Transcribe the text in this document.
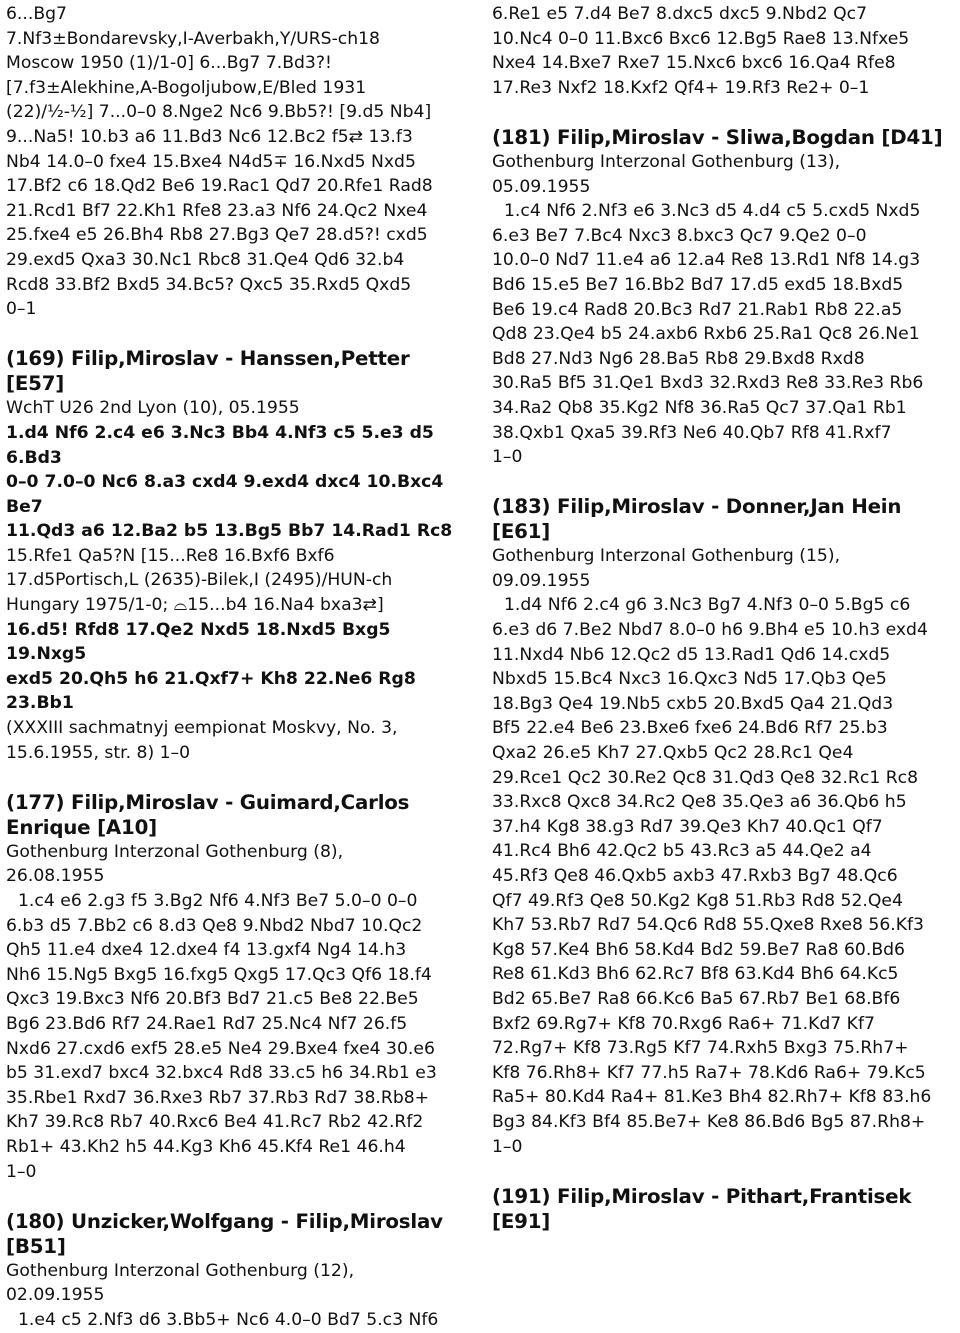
6...Bg7
7.Nf3±Bondarevsky,I-Averbakh,Y/URS-ch18
Moscow 1950 (1)/1-0] 6...Bg7 7.Bd3?!
[7.f3±Alekhine,A-Bogoljubow,E/Bled 1931
(22)/½-½] 7...0–0 8.Nge2 Nc6 9.Bb5?! [9.d5 Nb4]
9...Na5! 10.b3 a6 11.Bd3 Nc6 12.Bc2 f5⇄ 13.f3
Nb4 14.0–0 fxe4 15.Bxe4 N4d5∓ 16.Nxd5 Nxd5
17.Bf2 c6 18.Qd2 Be6 19.Rac1 Qd7 20.Rfe1 Rad8
21.Rcd1 Bf7 22.Kh1 Rfe8 23.a3 Nf6 24.Qc2 Nxe4
25.fxe4 e5 26.Bh4 Rb8 27.Bg3 Qe7 28.d5?! cxd5
29.exd5 Qxa3 30.Nc1 Rbc8 31.Qe4 Qd6 32.b4
Rcd8 33.Bf2 Bxd5 34.Bc5? Qxc5 35.Rxd5 Qxd5
0–1
(169) Filip,Miroslav - Hanssen,Petter [E57]
WchT U26 2nd Lyon (10), 05.1955
1.d4 Nf6 2.c4 e6 3.Nc3 Bb4 4.Nf3 c5 5.e3 d5 6.Bd3
0–0 7.0–0 Nc6 8.a3 cxd4 9.exd4 dxc4 10.Bxc4 Be7
11.Qd3 a6 12.Ba2 b5 13.Bg5 Bb7 14.Rad1 Rc8
15.Rfe1 Qa5?N [15...Re8 16.Bxf6 Bxf6
17.d5Portisch,L (2635)-Bilek,I (2495)/HUN-ch
Hungary 1975/1-0; ⌓15...b4 16.Na4 bxa3⇄]
16.d5! Rfd8 17.Qe2 Nxd5 18.Nxd5 Bxg5 19.Nxg5
exd5 20.Qh5 h6 21.Qxf7+ Kh8 22.Ne6 Rg8 23.Bb1
(XXXIII sachmatnyj eempionat Moskvy, No. 3,
15.6.1955, str. 8) 1–0
(177) Filip,Miroslav - Guimard,Carlos
Enrique [A10]
Gothenburg Interzonal Gothenburg (8),
26.08.1955
1.c4 e6 2.g3 f5 3.Bg2 Nf6 4.Nf3 Be7 5.0–0 0–0
6.b3 d5 7.Bb2 c6 8.d3 Qe8 9.Nbd2 Nbd7 10.Qc2
Qh5 11.e4 dxe4 12.dxe4 f4 13.gxf4 Ng4 14.h3
Nh6 15.Ng5 Bxg5 16.fxg5 Qxg5 17.Qc3 Qf6 18.f4
Qxc3 19.Bxc3 Nf6 20.Bf3 Bd7 21.c5 Be8 22.Be5
Bg6 23.Bd6 Rf7 24.Rae1 Rd7 25.Nc4 Nf7 26.f5
Nxd6 27.cxd6 exf5 28.e5 Ne4 29.Bxe4 fxe4 30.e6
b5 31.exd7 bxc4 32.bxc4 Rd8 33.c5 h6 34.Rb1 e3
35.Rbe1 Rxd7 36.Rxe3 Rb7 37.Rb3 Rd7 38.Rb8+
Kh7 39.Rc8 Rb7 40.Rxc6 Be4 41.Rc7 Rb2 42.Rf2
Rb1+ 43.Kh2 h5 44.Kg3 Kh6 45.Kf4 Re1 46.h4
1–0
(180) Unzicker,Wolfgang - Filip,Miroslav
[B51]
Gothenburg Interzonal Gothenburg (12),
02.09.1955
1.e4 c5 2.Nf3 d6 3.Bb5+ Nc6 4.0–0 Bd7 5.c3 Nf6
6.Re1 e5 7.d4 Be7 8.dxc5 dxc5 9.Nbd2 Qc7
10.Nc4 0–0 11.Bxc6 Bxc6 12.Bg5 Rae8 13.Nfxe5
Nxe4 14.Bxe7 Rxe7 15.Nxc6 bxc6 16.Qa4 Rfe8
17.Re3 Nxf2 18.Kxf2 Qf4+ 19.Rf3 Re2+ 0–1
(181) Filip,Miroslav - Sliwa,Bogdan [D41]
Gothenburg Interzonal Gothenburg (13),
05.09.1955
1.c4 Nf6 2.Nf3 e6 3.Nc3 d5 4.d4 c5 5.cxd5 Nxd5
6.e3 Be7 7.Bc4 Nxc3 8.bxc3 Qc7 9.Qe2 0–0
10.0–0 Nd7 11.e4 a6 12.a4 Re8 13.Rd1 Nf8 14.g3
Bd6 15.e5 Be7 16.Bb2 Bd7 17.d5 exd5 18.Bxd5
Be6 19.c4 Rad8 20.Bc3 Rd7 21.Rab1 Rb8 22.a5
Qd8 23.Qe4 b5 24.axb6 Rxb6 25.Ra1 Qc8 26.Ne1
Bd8 27.Nd3 Ng6 28.Ba5 Rb8 29.Bxd8 Rxd8
30.Ra5 Bf5 31.Qe1 Bxd3 32.Rxd3 Re8 33.Re3 Rb6
34.Ra2 Qb8 35.Kg2 Nf8 36.Ra5 Qc7 37.Qa1 Rb1
38.Qxb1 Qxa5 39.Rf3 Ne6 40.Qb7 Rf8 41.Rxf7
1–0
(183) Filip,Miroslav - Donner,Jan Hein
[E61]
Gothenburg Interzonal Gothenburg (15),
09.09.1955
1.d4 Nf6 2.c4 g6 3.Nc3 Bg7 4.Nf3 0–0 5.Bg5 c6
6.e3 d6 7.Be2 Nbd7 8.0–0 h6 9.Bh4 e5 10.h3 exd4
11.Nxd4 Nb6 12.Qc2 d5 13.Rad1 Qd6 14.cxd5
Nbxd5 15.Bc4 Nxc3 16.Qxc3 Nd5 17.Qb3 Qe5
18.Bg3 Qe4 19.Nb5 cxb5 20.Bxd5 Qa4 21.Qd3
Bf5 22.e4 Be6 23.Bxe6 fxe6 24.Bd6 Rf7 25.b3
Qxa2 26.e5 Kh7 27.Qxb5 Qc2 28.Rc1 Qe4
29.Rce1 Qc2 30.Re2 Qc8 31.Qd3 Qe8 32.Rc1 Rc8
33.Rxc8 Qxc8 34.Rc2 Qe8 35.Qe3 a6 36.Qb6 h5
37.h4 Kg8 38.g3 Rd7 39.Qe3 Kh7 40.Qc1 Qf7
41.Rc4 Bh6 42.Qc2 b5 43.Rc3 a5 44.Qe2 a4
45.Rf3 Qe8 46.Qxb5 axb3 47.Rxb3 Bg7 48.Qc6
Qf7 49.Rf3 Qe8 50.Kg2 Kg8 51.Rb3 Rd8 52.Qe4
Kh7 53.Rb7 Rd7 54.Qc6 Rd8 55.Qxe8 Rxe8 56.Kf3
Kg8 57.Ke4 Bh6 58.Kd4 Bd2 59.Be7 Ra8 60.Bd6
Re8 61.Kd3 Bh6 62.Rc7 Bf8 63.Kd4 Bh6 64.Kc5
Bd2 65.Be7 Ra8 66.Kc6 Ba5 67.Rb7 Be1 68.Bf6
Bxf2 69.Rg7+ Kf8 70.Rxg6 Ra6+ 71.Kd7 Kf7
72.Rg7+ Kf8 73.Rg5 Kf7 74.Rxh5 Bxg3 75.Rh7+
Kf8 76.Rh8+ Kf7 77.h5 Ra7+ 78.Kd6 Ra6+ 79.Kc5
Ra5+ 80.Kd4 Ra4+ 81.Ke3 Bh4 82.Rh7+ Kf8 83.h6
Bg3 84.Kf3 Bf4 85.Be7+ Ke8 86.Bd6 Bg5 87.Rh8+
1–0
(191) Filip,Miroslav - Pithart,Frantisek [E91]
